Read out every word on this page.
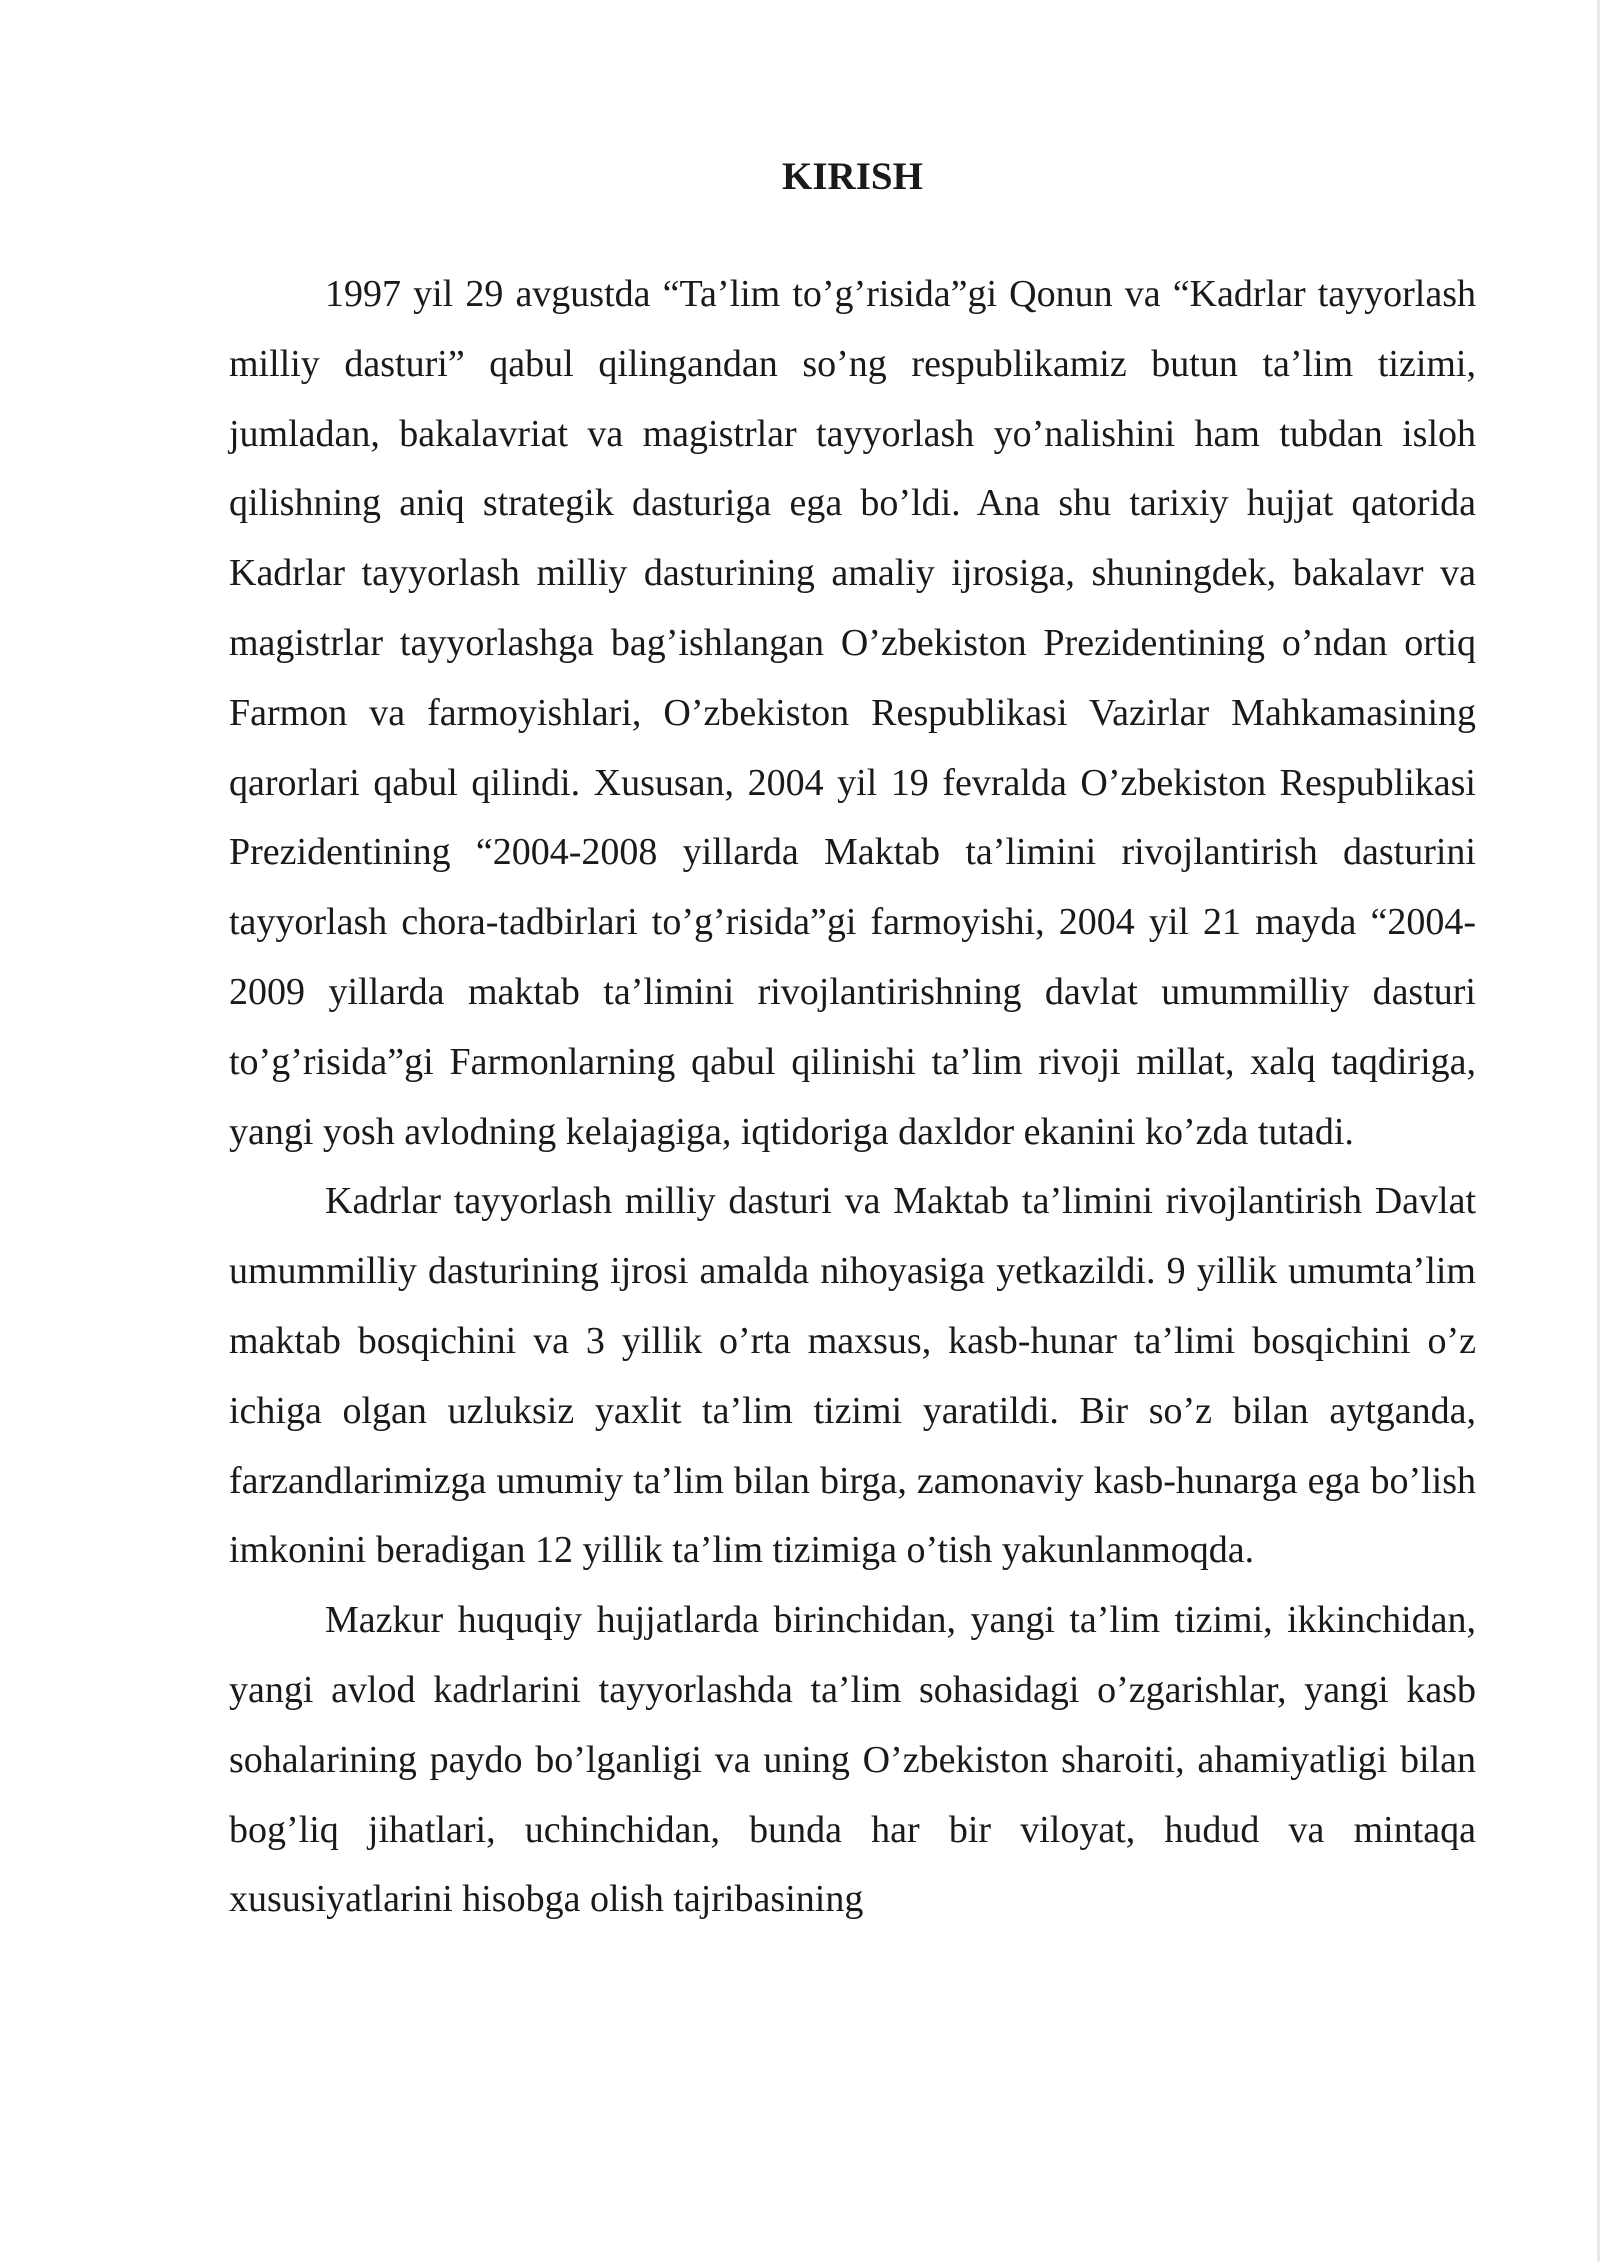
KIRISH

1997 yil 29 avgustda “Ta’lim to’g’risida”gi Qonun va “Kadrlar tayyorlash milliy dasturi” qabul qilingandan so’ng respublikamiz butun ta’lim tizimi, jumladan, bakalavriat va magistrlar tayyorlash yo’nalishini ham tubdan isloh qilishning aniq strategik dasturiga ega bo’ldi. Ana shu tarixiy hujjat qatorida Kadrlar tayyorlash milliy dasturining amaliy ijrosiga, shuningdek, bakalavr va magistrlar tayyorlashga bag’ishlangan O’zbekiston Prezidentining o’ndan ortiq Farmon va farmoyishlari, O’zbekiston Respublikasi Vazirlar Mahkamasining qarorlari qabul qilindi. Xususan, 2004 yil 19 fevralda O’zbekiston Respublikasi Prezidentining “2004-2008 yillarda Maktab ta’limini rivojlantirish dasturini tayyorlash chora-tadbirlari to’g’risida”gi farmoyishi, 2004 yil 21 mayda “2004-2009 yillarda maktab ta’limini rivojlantirishning davlat umummilliy dasturi to’g’risida”gi Farmonlarning qabul qilinishi ta’lim rivoji millat, xalq taqdiriga, yangi yosh avlodning kelajagiga, iqtidoriga daxldor ekanini ko’zda tutadi.

Kadrlar tayyorlash milliy dasturi va Maktab ta’limini rivojlantirish Davlat umummilliy dasturining ijrosi amalda nihoyasiga yetkazildi. 9 yillik umumta’lim maktab bosqichini va 3 yillik o’rta maxsus, kasb-hunar ta’limi bosqichini o’z ichiga olgan uzluksiz yaxlit ta’lim tizimi yaratildi. Bir so’z bilan aytganda, farzandlarimizga umumiy ta’lim bilan birga, zamonaviy kasb-hunarga ega bo’lish imkonini beradigan 12 yillik ta’lim tizimiga o’tish yakunlanmoqda.

Mazkur huquqiy hujjatlarda birinchidan, yangi ta’lim tizimi, ikkinchidan, yangi avlod kadrlarini tayyorlashda ta’lim sohasidagi o’zgarishlar, yangi kasb sohalarining paydo bo’lganligi va uning O’zbekiston sharoiti, ahamiyatligi bilan bog’liq jihatlari, uchinchidan, bunda har bir viloyat, hudud va mintaqa xususiyatlarini hisobga olish tajribasining
